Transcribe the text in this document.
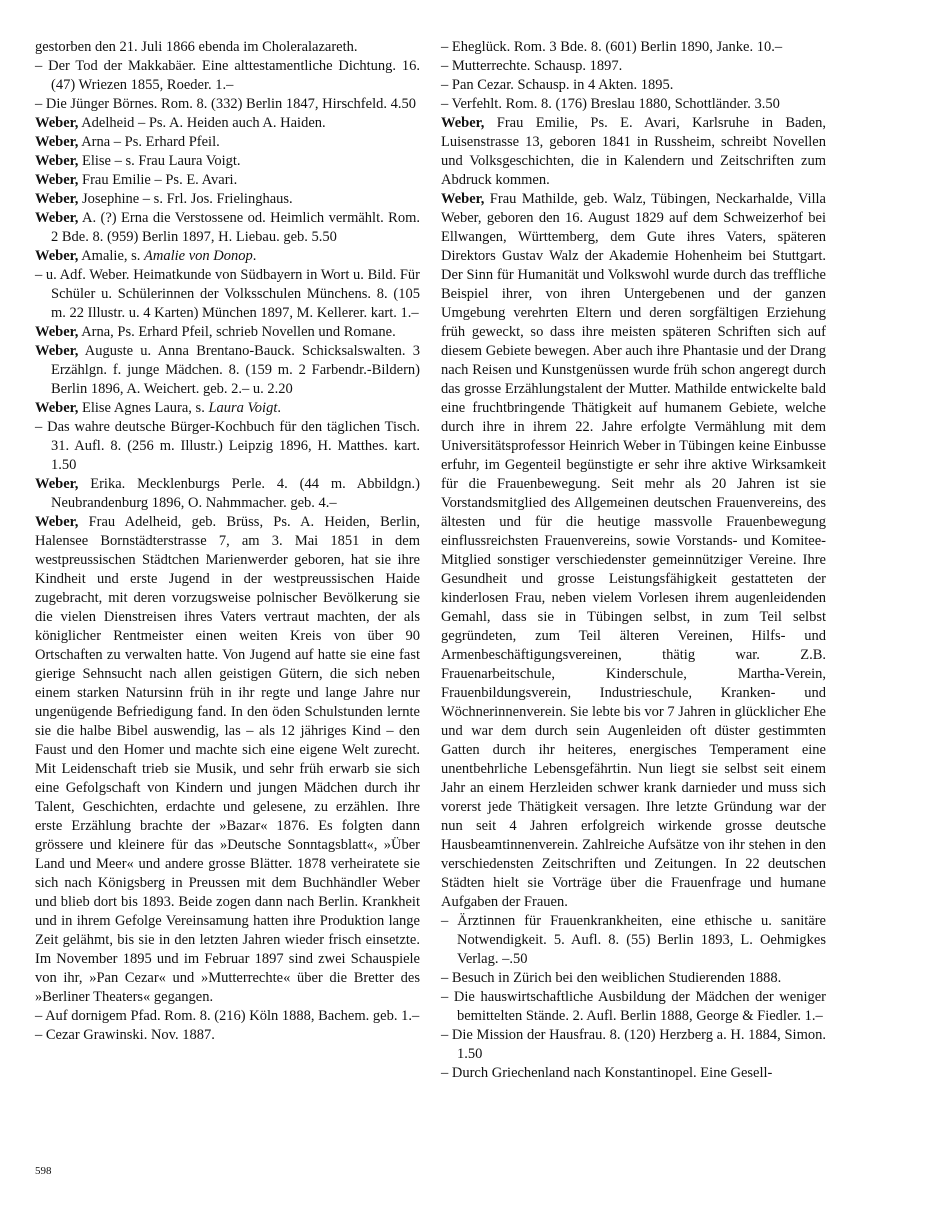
gestorben den 21. Juli 1866 ebenda im Choleralazareth.

– Der Tod der Makkabäer. Eine alttestamentliche Dichtung. 16. (47) Wriezen 1855, Roeder. 1.–

– Die Jünger Börnes. Rom. 8. (332) Berlin 1847, Hirschfeld. 4.50

Weber, Adelheid – Ps. A. Heiden auch A. Haiden.

Weber, Arna – Ps. Erhard Pfeil.

Weber, Elise – s. Frau Laura Voigt.

Weber, Frau Emilie – Ps. E. Avari.

Weber, Josephine – s. Frl. Jos. Frielinghaus.

Weber, A. (?) Erna die Verstossene od. Heimlich vermählt. Rom. 2 Bde. 8. (959) Berlin 1897, H. Liebau. geb. 5.50

Weber, Amalie, s. Amalie von Donop.

– u. Adf. Weber. Heimatkunde von Südbayern in Wort u. Bild. Für Schüler u. Schülerinnen der Volksschulen Münchens. 8. (105 m. 22 Illustr. u. 4 Karten) München 1897, M. Kellerer. kart. 1.–

Weber, Arna, Ps. Erhard Pfeil, schrieb Novellen und Romane.

Weber, Auguste u. Anna Brentano-Bauck. Schicksalswalten. 3 Erzählgn. f. junge Mädchen. 8. (159 m. 2 Farbendr.-Bildern) Berlin 1896, A. Weichert. geb. 2.– u. 2.20

Weber, Elise Agnes Laura, s. Laura Voigt.

– Das wahre deutsche Bürger-Kochbuch für den täglichen Tisch. 31. Aufl. 8. (256 m. Illustr.) Leipzig 1896, H. Matthes. kart. 1.50

Weber, Erika. Mecklenburgs Perle. 4. (44 m. Abbildgn.) Neubrandenburg 1896, O. Nahmmacher. geb. 4.–

Weber, Frau Adelheid, geb. Brüss, Ps. A. Heiden, Berlin, Halensee Bornstädterstrasse 7, am 3. Mai 1851 in dem westpreussischen Städtchen Marienwerder geboren, hat sie ihre Kindheit und erste Jugend in der westpreussischen Haide zugebracht, mit deren vorzugsweise polnischer Bevölkerung sie die vielen Dienstreisen ihres Vaters vertraut machten, der als königlicher Rentmeister einen weiten Kreis von über 90 Ortschaften zu verwalten hatte. Von Jugend auf hatte sie eine fast gierige Sehnsucht nach allen geistigen Gütern, die sich neben einem starken Natursinn früh in ihr regte und lange Jahre nur ungenügende Befriedigung fand. In den öden Schulstunden lernte sie die halbe Bibel auswendig, las – als 12 jähriges Kind – den Faust und den Homer und machte sich eine eigene Welt zurecht. Mit Leidenschaft trieb sie Musik, und sehr früh erwarb sie sich eine Gefolgschaft von Kindern und jungen Mädchen durch ihr Talent, Geschichten, erdachte und gelesene, zu erzählen. Ihre erste Erzählung brachte der »Bazar« 1876. Es folgten dann grössere und kleinere für das »Deutsche Sonntagsblatt«, »Über Land und Meer« und andere grosse Blätter. 1878 verheiratete sie sich nach Königsberg in Preussen mit dem Buchhändler Weber und blieb dort bis 1893. Beide zogen dann nach Berlin. Krankheit und in ihrem Gefolge Vereinsamung hatten ihre Produktion lange Zeit gelähmt, bis sie in den letzten Jahren wieder frisch einsetzte. Im November 1895 und im Februar 1897 sind zwei Schauspiele von ihr, »Pan Cezar« und »Mutterrechte« über die Bretter des »Berliner Theaters« gegangen.

– Auf dornigem Pfad. Rom. 8. (216) Köln 1888, Bachem. geb. 1.–

– Cezar Grawinski. Nov. 1887.

– Eheglück. Rom. 3 Bde. 8. (601) Berlin 1890, Janke. 10.–

– Mutterrechte. Schausp. 1897.

– Pan Cezar. Schausp. in 4 Akten. 1895.

– Verfehlt. Rom. 8. (176) Breslau 1880, Schottländer. 3.50

Weber, Frau Emilie, Ps. E. Avari, Karlsruhe in Baden, Luisenstrasse 13, geboren 1841 in Russheim, schreibt Novellen und Volksgeschichten, die in Kalendern und Zeitschriften zum Abdruck kommen.

Weber, Frau Mathilde, geb. Walz, Tübingen, Neckarhalde, Villa Weber, geboren den 16. August 1829 auf dem Schweizerhof bei Ellwangen, Württemberg, dem Gute ihres Vaters, späteren Direktors Gustav Walz der Akademie Hohenheim bei Stuttgart. Der Sinn für Humanität und Volkswohl wurde durch das treffliche Beispiel ihrer, von ihren Untergebenen und der ganzen Umgebung verehrten Eltern und deren sorgfältigen Erziehung früh geweckt, so dass ihre meisten späteren Schriften sich auf diesem Gebiete bewegen. Aber auch ihre Phantasie und der Drang nach Reisen und Kunstgenüssen wurde früh schon angeregt durch das grosse Erzählungstalent der Mutter. Mathilde entwickelte bald eine fruchtbringende Thätigkeit auf humanem Gebiete, welche durch ihre in ihrem 22. Jahre erfolgte Vermählung mit dem Universitätsprofessor Heinrich Weber in Tübingen keine Einbusse erfuhr, im Gegenteil begünstigte er sehr ihre aktive Wirksamkeit für die Frauenbewegung. Seit mehr als 20 Jahren ist sie Vorstandsmitglied des Allgemeinen deutschen Frauenvereins, des ältesten und für die heutige massvolle Frauenbewegung einflussreichsten Frauenvereins, sowie Vorstands- und Komitee-Mitglied sonstiger verschiedenster gemeinnütziger Vereine. Ihre Gesundheit und grosse Leistungsfähigkeit gestatteten der kinderlosen Frau, neben vielem Vorlesen ihrem augenleidenden Gemahl, dass sie in Tübingen selbst, in zum Teil selbst gegründeten, zum Teil älteren Vereinen, Hilfs- und Armenbeschäftigungsvereinen, thätig war. Z.B. Frauenarbeitschule, Kinderschule, Martha-Verein, Frauenbildungsverein, Industrieschule, Kranken- und Wöchnerinnenverein. Sie lebte bis vor 7 Jahren in glücklicher Ehe und war dem durch sein Augenleiden oft düster gestimmten Gatten durch ihr heiteres, energisches Temperament eine unentbehrliche Lebensgefährtin. Nun liegt sie selbst seit einem Jahr an einem Herzleiden schwer krank darnieder und muss sich vorerst jede Thätigkeit versagen. Ihre letzte Gründung war der nun seit 4 Jahren erfolgreich wirkende grosse deutsche Hausbeamtinnenverein. Zahlreiche Aufsätze von ihr stehen in den verschiedensten Zeitschriften und Zeitungen. In 22 deutschen Städten hielt sie Vorträge über die Frauenfrage und humane Aufgaben der Frauen.

– Ärztinnen für Frauenkrankheiten, eine ethische u. sanitäre Notwendigkeit. 5. Aufl. 8. (55) Berlin 1893, L. Oehmigkes Verlag. –.50

– Besuch in Zürich bei den weiblichen Studierenden 1888.

– Die hauswirtschaftliche Ausbildung der Mädchen der weniger bemittelten Stände. 2. Aufl. Berlin 1888, George & Fiedler. 1.–

– Die Mission der Hausfrau. 8. (120) Herzberg a. H. 1884, Simon. 1.50

– Durch Griechenland nach Konstantinopel. Eine Gesell-

598
